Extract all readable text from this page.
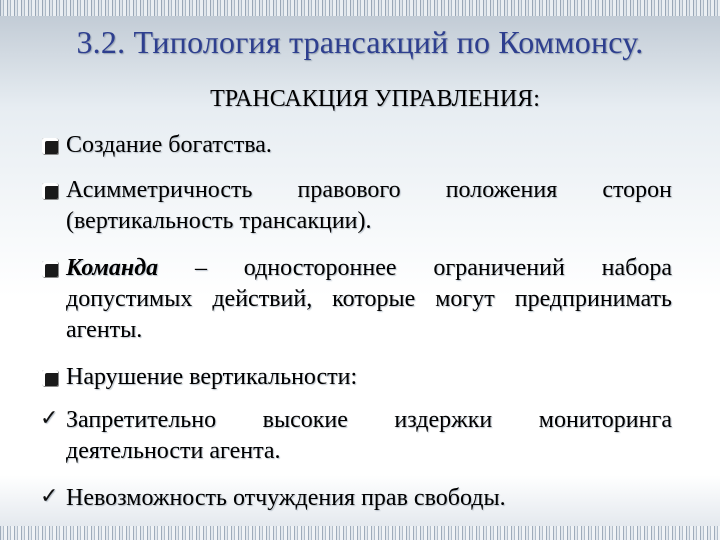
3.2. Типология трансакций по Коммонсу.
ТРАНСАКЦИЯ УПРАВЛЕНИЯ:
Создание богатства.
Асимметричность правового положения сторон (вертикальность трансакции).
Команда – одностороннее ограничений набора допустимых действий, которые могут предпринимать агенты.
Нарушение вертикальности:
✓ Запретительно высокие издержки мониторинга деятельности агента.
✓ Невозможность отчуждения прав свободы.
